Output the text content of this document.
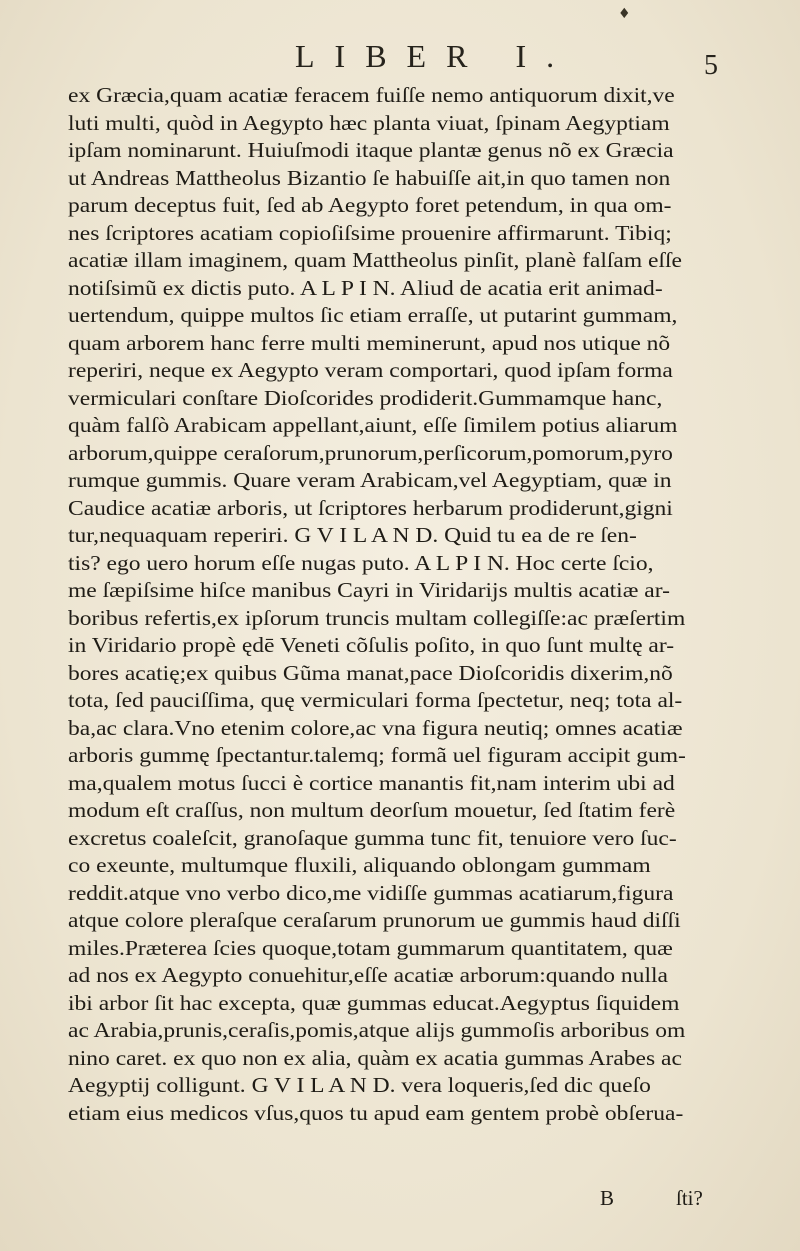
♦
LIBER I.	5
ex Græcia,quam acatiæ feracem fuiſſe nemo antiquorum dixit,ve
luti multi, quòd in Aegypto hæc planta viuat, ſpinam Aegyptiam
ipſam nominarunt. Huiuſmodi itaque plantæ genus nõ ex Græcia
ut Andreas Mattheolus Bizantio ſe habuiſſe ait,in quo tamen non
parum deceptus fuit, ſed ab Aegypto foret petendum, in qua om-
nes ſcriptores acatiam copioſiſsime prouenire affirmarunt. Tibiq;
acatiæ illam imaginem, quam Mattheolus pinſit, planè falſam eſſe
notiſsimũ ex dictis puto. A L P I N. Aliud de acatia erit animad-
uertendum, quippe multos ſic etiam erraſſe, ut putarint gummam,
quam arborem hanc ferre multi meminerunt, apud nos utique nõ
reperiri, neque ex Aegypto veram comportari, quod ipſam forma
vermiculari conſtare Dioſcorides prodiderit.Gummamque hanc,
quàm falſò Arabicam appellant,aiunt, eſſe ſimilem potius aliarum
arborum,quippe ceraſorum,prunorum,perſicorum,pomorum,pyro
rumque gummis. Quare veram Arabicam,vel Aegyptiam, quæ in
Caudice acatiæ arboris, ut ſcriptores herbarum prodiderunt,gigni
tur,nequaquam reperiri. G V I L A N D. Quid tu ea de re ſen-
tis? ego uero horum eſſe nugas puto. A L P I N. Hoc certe ſcio,
me ſæpiſsime hiſce manibus Cayri in Viridarijs multis acatiæ ar-
boribus refertis,ex ipſorum truncis multam collegiſſe:ac præſertim
in Viridario propè ędē Veneti cõſulis poſito, in quo ſunt multę ar-
bores acatię;ex quibus Gũma manat,pace Dioſcoridis dixerim,nõ
tota, ſed pauciſſima, quę vermiculari forma ſpectetur, neq; tota al-
ba,ac clara.Vno etenim colore,ac vna figura neutiq; omnes acatiæ
arboris gummę ſpectantur.talemq; formã uel figuram accipit gum-
ma,qualem motus ſucci è cortice manantis fit,nam interim ubi ad
modum eſt craſſus, non multum deorſum mouetur, ſed ſtatim ferè
excretus coaleſcit, granoſaque gumma tunc fit, tenuiore vero ſuc-
co exeunte, multumque fluxili, aliquando oblongam gummam
reddit.atque vno verbo dico,me vidiſſe gummas acatiarum,figura
atque colore pleraſque ceraſarum prunorum ue gummis haud diſſi
miles.Præterea ſcies quoque,totam gummarum quantitatem, quæ
ad nos ex Aegypto conuehitur,eſſe acatiæ arborum:quando nulla
ibi arbor ſit hac excepta, quæ gummas educat.Aegyptus ſiquidem
ac Arabia,prunis,ceraſis,pomis,atque alijs gummoſis arboribus om
nino caret. ex quo non ex alia, quàm ex acatia gummas Arabes ac
Aegyptij colligunt. G V I L A N D. vera loqueris,ſed dic queſo
etiam eius medicos vſus,quos tu apud eam gentem probè obſerua-
B	ſti?
